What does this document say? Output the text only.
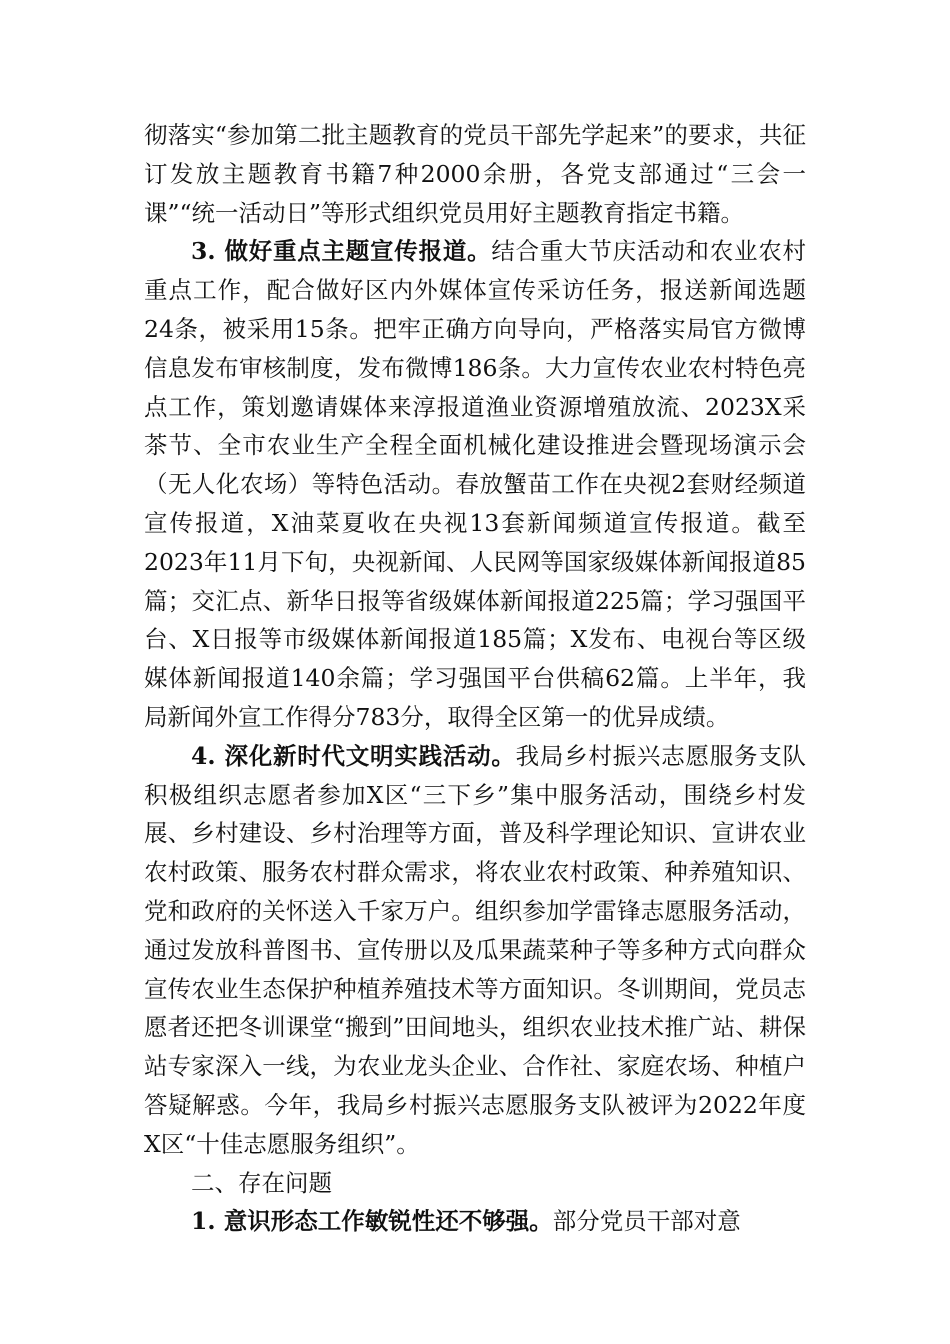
彻落实“参加第二批主题教育的党员干部先学起来”的要求，共征订发放主题教育书籍7种2000余册，各党支部通过“三会一课”“统一活动日”等形式组织党员用好主题教育指定书籍。

3. 做好重点主题宣传报道。结合重大节庆活动和农业农村重点工作，配合做好区内外媒体宣传采访任务，报送新闻选题24条，被采用15条。把牢正确方向导向，严格落实局官方微博信息发布审核制度，发布微博186条。大力宣传农业农村特色亮点工作，策划邀请媒体来淳报道渔业资源增殖放流、2023X采茶节、全市农业生产全程全面机械化建设推进会暨现场演示会（无人化农场）等特色活动。春放蟹苗工作在央视2套财经频道宣传报道，X油菜夏收在央视13套新闻频道宣传报道。截至2023年11月下旬，央视新闻、人民网等国家级媒体新闻报道85篇；交汇点、新华日报等省级媒体新闻报道225篇；学习强国平台、X日报等市级媒体新闻报道185篇；X发布、电视台等区级媒体新闻报道140余篇；学习强国平台供稿62篇。上半年，我局新闻外宣工作得分783分，取得全区第一的优异成绩。

4. 深化新时代文明实践活动。我局乡村振兴志愿服务支队积极组织志愿者参加X区“三下乡”集中服务活动，围绕乡村发展、乡村建设、乡村治理等方面，普及科学理论知识、宣讲农业农村政策、服务农村群众需求，将农业农村政策、种养殖知识、党和政府的关怀送入千家万户。组织参加学雷锋志愿服务活动，通过发放科普图书、宣传册以及瓜果蔬菜种子等多种方式向群众宣传农业生态保护种植养殖技术等方面知识。冬训期间，党员志愿者还把冬训课堂“搬到”田间地头，组织农业技术推广站、耕保站专家深入一线，为农业龙头企业、合作社、家庭农场、种植户答疑解惑。今年，我局乡村振兴志愿服务支队被评为2022年度X区“十佳志愿服务组织”。

二、存在问题

1. 意识形态工作敏锐性还不够强。部分党员干部对意
